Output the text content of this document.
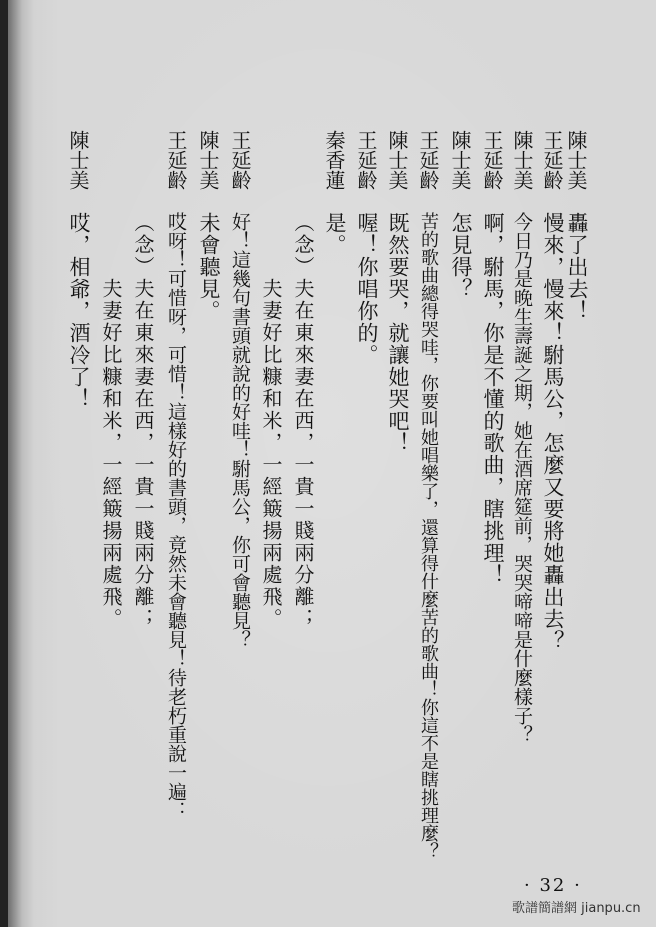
陳士美
王延齡
陳士美
王延齡
陳士美
王延齡
陳士美
王延齡
秦香蓮
王延齡
陳士美
王延齡
陳士美
轟了出去！
慢來，慢來！駙馬公，怎麼又要將她轟出去？
今日乃是晚生壽誕之期，她在酒席筵前，哭哭啼啼是什麼樣子？
啊，駙馬，你是不懂的歌曲，瞎挑理！
怎見得？
苦的歌曲總得哭哇，你要叫她唱樂了，還算得什麼苦的歌曲！你這不是瞎挑理麼？
既然要哭，就讓她哭吧！
喔！你唱你的。
是。
（念）夫在東來妻在西，一貴一賤兩分離；
　　　夫妻好比糠和米，一經簸揚兩處飛。
好！這幾句書頭就說的好哇！駙馬公，你可會聽見？
未會聽見。
哎呀！可惜呀，可惜！這樣好的書頭，竟然未會聽見！待老朽重說一遍：
（念）夫在東來妻在西，一貴一賤兩分離；
　　　夫妻好比糠和米，一經簸揚兩處飛。
哎，相爺，酒冷了！
· 32 ·
歌譜簡譜網 jianpu.cn
